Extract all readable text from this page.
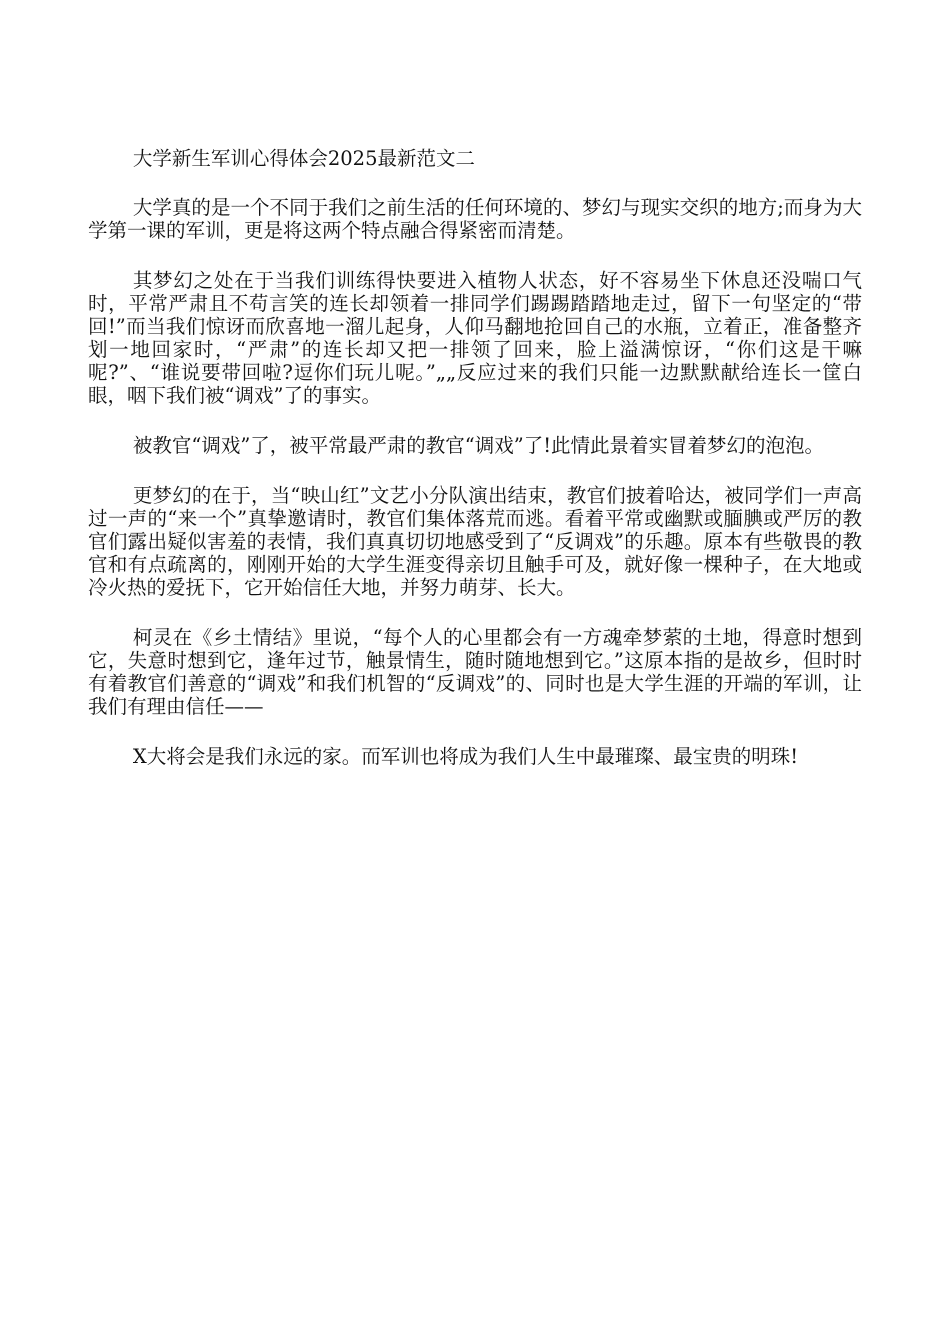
大学新生军训心得体会2025最新范文二

大学真的是一个不同于我们之前生活的任何环境的、梦幻与现实交织的地方;而身为大学第一课的军训，更是将这两个特点融合得紧密而清楚。

其梦幻之处在于当我们训练得快要进入植物人状态，好不容易坐下休息还没喘口气时，平常严肃且不苟言笑的连长却领着一排同学们踢踢踏踏地走过，留下一句坚定的“带回!”而当我们惊讶而欣喜地一溜儿起身，人仰马翻地抢回自己的水瓶，立着正，准备整齐划一地回家时，“严肃”的连长却又把一排领了回来，脸上溢满惊讶，“你们这是干嘛呢?”、“谁说要带回啦?逗你们玩儿呢。”„„反应过来的我们只能一边默默献给连长一筐白眼，咽下我们被“调戏”了的事实。

被教官“调戏”了，被平常最严肃的教官“调戏”了!此情此景着实冒着梦幻的泡泡。

更梦幻的在于，当“映山红”文艺小分队演出结束，教官们披着哈达，被同学们一声高过一声的“来一个”真挚邀请时，教官们集体落荒而逃。看着平常或幽默或腼腆或严厉的教官们露出疑似害羞的表情，我们真真切切地感受到了“反调戏”的乐趣。原本有些敬畏的教官和有点疏离的，刚刚开始的大学生涯变得亲切且触手可及，就好像一棵种子，在大地或冷火热的爱抚下，它开始信任大地，并努力萌芽、长大。

柯灵在《乡土情结》里说，“每个人的心里都会有一方魂牵梦萦的土地，得意时想到它，失意时想到它，逢年过节，触景情生，随时随地想到它。”这原本指的是故乡，但时时有着教官们善意的“调戏”和我们机智的“反调戏”的、同时也是大学生涯的开端的军训，让我们有理由信任——

X大将会是我们永远的家。而军训也将成为我们人生中最璀璨、最宝贵的明珠!
